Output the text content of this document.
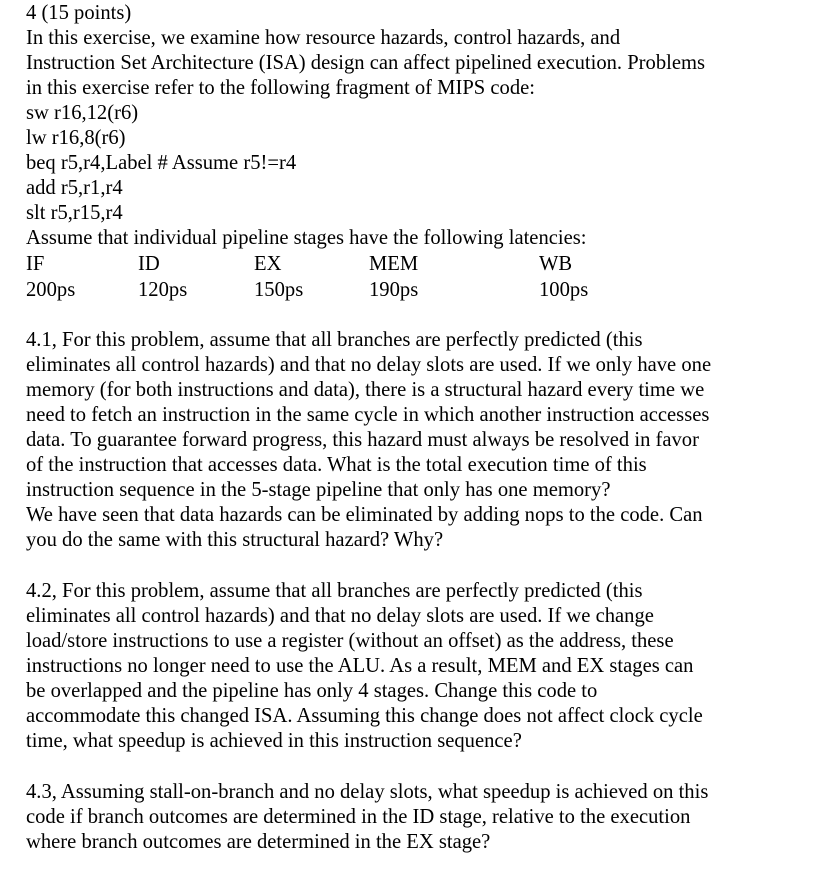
4 (15 points)
In this exercise, we examine how resource hazards, control hazards, and
Instruction Set Architecture (ISA) design can affect pipelined execution. Problems
in this exercise refer to the following fragment of MIPS code:
sw r16,12(r6)
lw r16,8(r6)
beq r5,r4,Label # Assume r5!=r4
add r5,r1,r4
slt r5,r15,r4
Assume that individual pipeline stages have the following latencies:
IF	ID	EX	MEM	WB
200ps	120ps	150ps	190ps	100ps
4.1, For this problem, assume that all branches are perfectly predicted (this
eliminates all control hazards) and that no delay slots are used. If we only have one
memory (for both instructions and data), there is a structural hazard every time we
need to fetch an instruction in the same cycle in which another instruction accesses
data. To guarantee forward progress, this hazard must always be resolved in favor
of the instruction that accesses data. What is the total execution time of this
instruction sequence in the 5-stage pipeline that only has one memory?
We have seen that data hazards can be eliminated by adding nops to the code. Can
you do the same with this structural hazard? Why?
4.2, For this problem, assume that all branches are perfectly predicted (this
eliminates all control hazards) and that no delay slots are used. If we change
load/store instructions to use a register (without an offset) as the address, these
instructions no longer need to use the ALU. As a result, MEM and EX stages can
be overlapped and the pipeline has only 4 stages. Change this code to
accommodate this changed ISA. Assuming this change does not affect clock cycle
time, what speedup is achieved in this instruction sequence?
4.3, Assuming stall-on-branch and no delay slots, what speedup is achieved on this
code if branch outcomes are determined in the ID stage, relative to the execution
where branch outcomes are determined in the EX stage?
